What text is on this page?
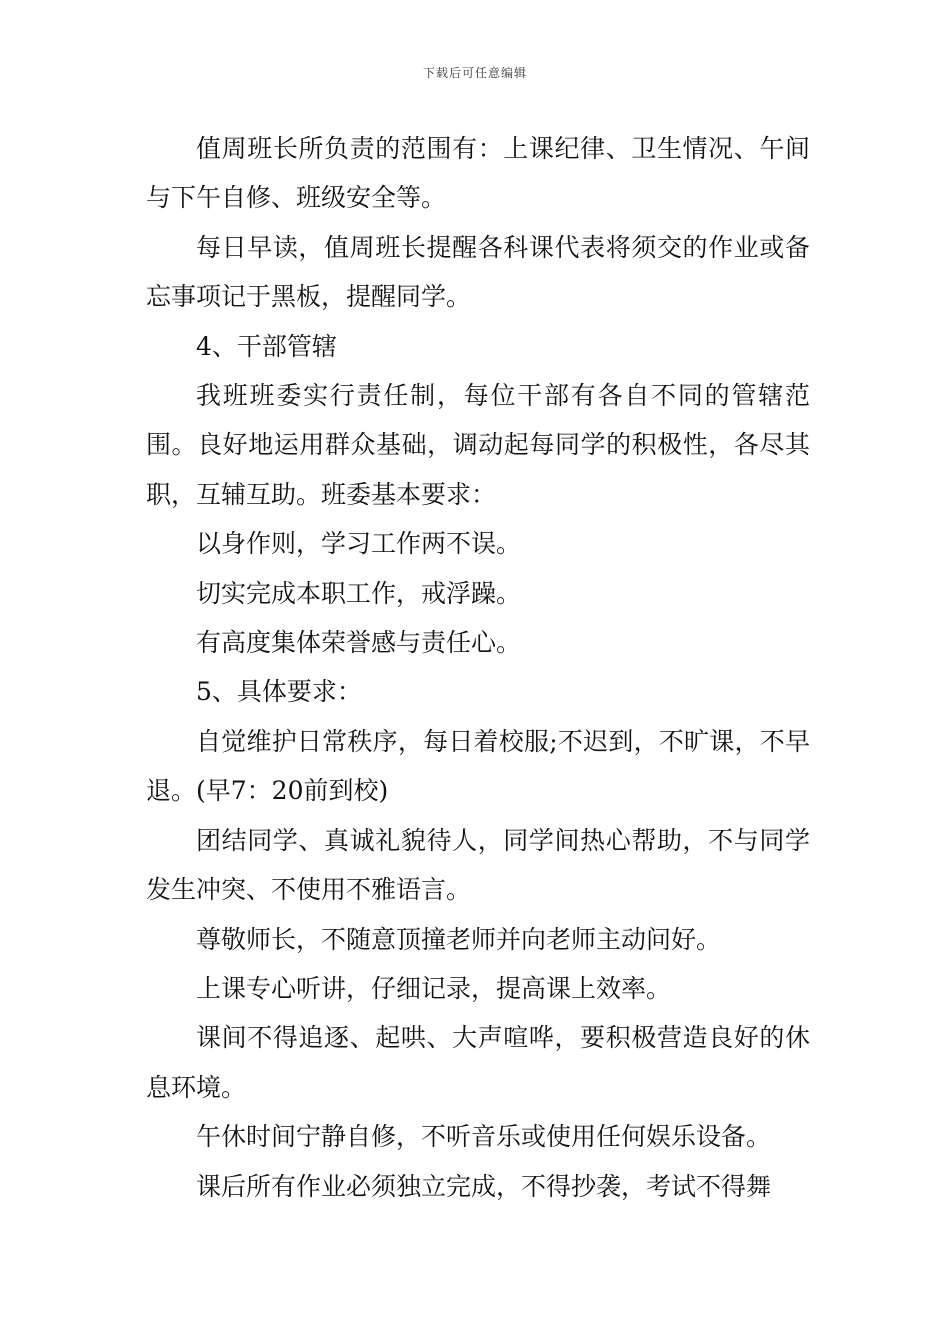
下载后可任意编辑

值周班长所负责的范围有：上课纪律、卫生情况、午间与下午自修、班级安全等。

每日早读，值周班长提醒各科课代表将须交的作业或备忘事项记于黑板，提醒同学。

4、干部管辖

我班班委实行责任制，每位干部有各自不同的管辖范围。良好地运用群众基础，调动起每同学的积极性，各尽其职，互辅互助。班委基本要求：

以身作则，学习工作两不误。

切实完成本职工作，戒浮躁。

有高度集体荣誉感与责任心。

5、具体要求：

自觉维护日常秩序，每日着校服;不迟到，不旷课，不早退。(早7：20前到校)

团结同学、真诚礼貌待人，同学间热心帮助，不与同学发生冲突、不使用不雅语言。

尊敬师长，不随意顶撞老师并向老师主动问好。

上课专心听讲，仔细记录，提高课上效率。

课间不得追逐、起哄、大声喧哗，要积极营造良好的休息环境。

午休时间宁静自修，不听音乐或使用任何娱乐设备。

课后所有作业必须独立完成，不得抄袭，考试不得舞
